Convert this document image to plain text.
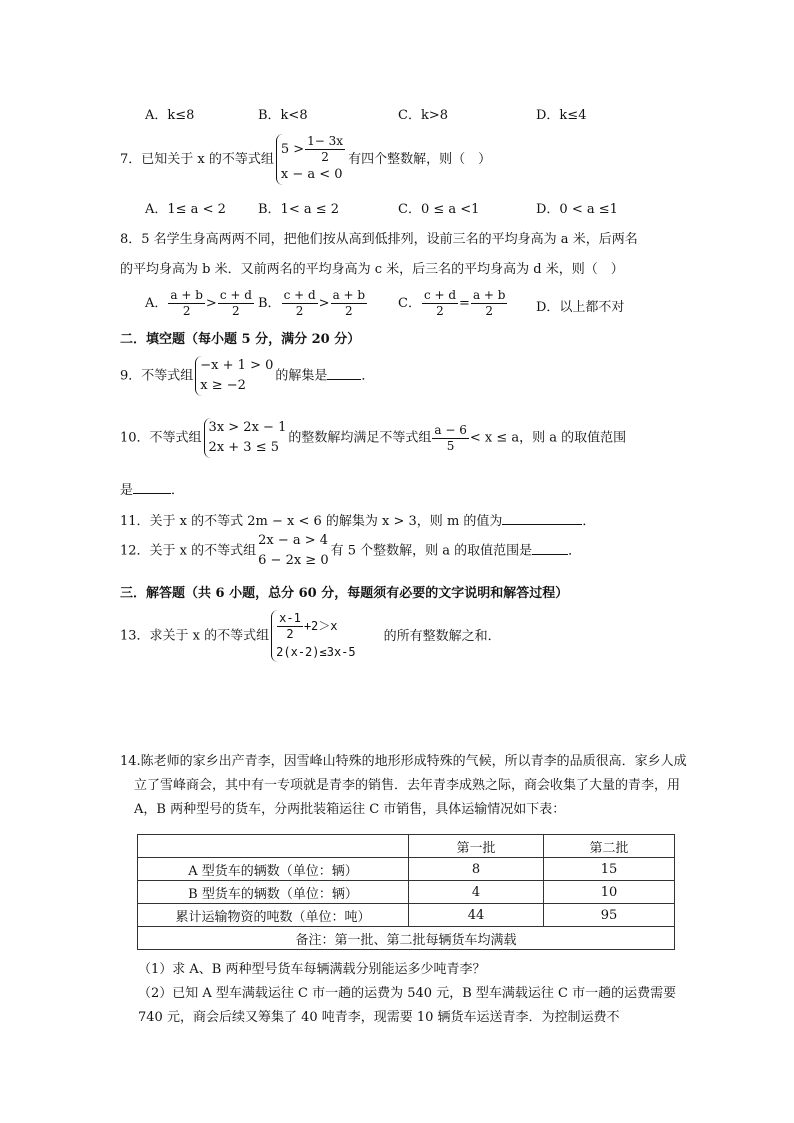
A．k≤8	B．k<8	C．k>8	D．k≤4
7．已知关于 x 的不等式组
$5 > \frac{1- 3x}{2}$
x − a < 0
有四个整数解，则（　）
A．1≤ a < 2 B．1< a ≤ 2	C．0 ≤ a <1	D．0 < a ≤1
8．5 名学生身高两两不同，把他们按从高到低排列，设前三名的平均身高为 a 米，后两名
的平均身高为 b 米．又前两名的平均身高为 c 米，后三名的平均身高为 d 米，则（　）
A． $\frac{a + b}{2} > \frac{c + d}{2}$ B． $\frac{c + d}{2} > \frac{a + b}{2}$ C． $\frac{c + d}{2} = \frac{a + b}{2}$ D．以上都不对
二．填空题（每小题 5 分，满分 20 分）
9．不等式组
−x + 1 > 0
x ≥ −2
的解集是	．
10．不等式组
3x > 2x − 1
2x + 3 ≤ 5
的整数解均满足不等式组 $\frac{a - 6}{5} < x \le a$，则 a 的取值范围
是	．
11．关于 x 的不等式 2m − x < 6 的解集为 x > 3，则 m 的值为	．
12．关于 x 的不等式组
2x − a > 4
6 − 2x ≥ 0
有 5 个整数解，则 a 的取值范围是	．
三．解答题（共 6 小题，总分 60 分，每题须有必要的文字说明和解答过程）
13．求关于 x 的不等式组 $\frac{x-1}{2} +2>x$
2(x-2)≤3x-5
的所有整数解之和．
14.陈老师的家乡出产青李，因雪峰山特殊的地形形成特殊的气候，所以青李的品质很高．家乡人成立了雪峰商会，其中有一专项就是青李的销售．去年青李成熟之际，商会收集了大量的青李，用 A，B 两种型号的货车，分两批装箱运往 C 市销售，具体运输情况如下表：
	第一批	第二批
A 型货车的辆数（单位：辆）	8	15
B 型货车的辆数（单位：辆）	4	10
累计运输物资的吨数（单位：吨）	44	95
备注：第一批、第二批每辆货车均满载		
（1）求 A、B 两种型号货车每辆满载分别能运多少吨青李？
（2）已知 A 型车满载运往 C 市一趟的运费为 540 元，B 型车满载运往 C 市一趟的运费需要 740 元，商会后续又筹集了 40 吨青李，现需要 10 辆货车运送青李．为控制运费不
